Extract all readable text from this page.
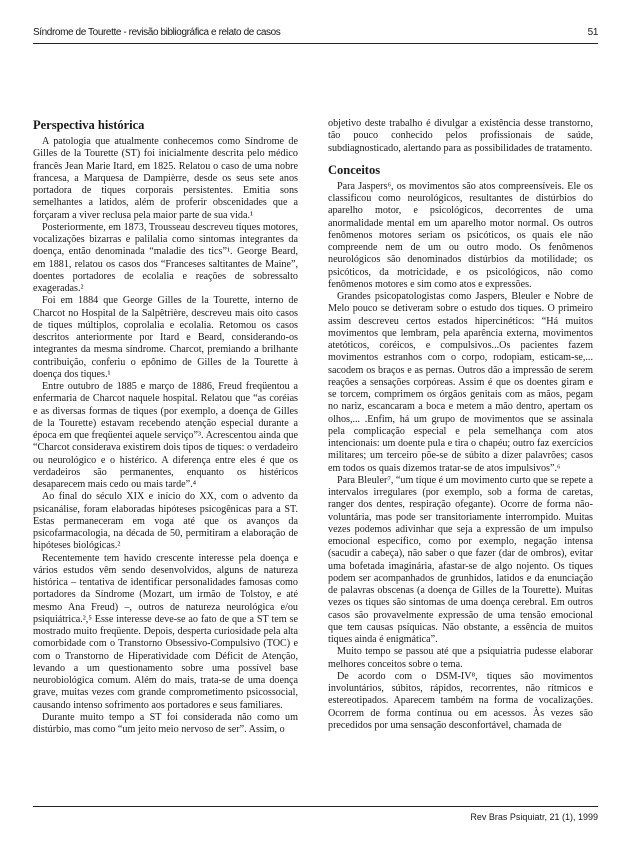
Síndrome de Tourette - revisão bibliográfica e relato de casos	51
Perspectiva histórica

A patologia que atualmente conhecemos como Síndrome de Gilles de la Tourette (ST) foi inicialmente descrita pelo médico francês Jean Marie Itard, em 1825. Relatou o caso de uma nobre francesa, a Marquesa de Dampièrre, desde os seus sete anos portadora de tiques corporais persistentes. Emitia sons semelhantes a latidos, além de proferir obscenidades que a forçaram a viver reclusa pela maior parte de sua vida.¹

Posteriormente, em 1873, Trousseau descreveu tiques motores, vocalizações bizarras e palilalia como sintomas integrantes da doença, então denominada “maladie des tics”¹. George Beard, em 1881, relatou os casos dos “Franceses saltitantes de Maine”, doentes portadores de ecolalia e reações de sobressalto exageradas.²

Foi em 1884 que George Gilles de la Tourette, interno de Charcot no Hospital de la Salpêtrière, descreveu mais oito casos de tiques múltiplos, coprolalia e ecolalia. Retomou os casos descritos anteriormente por Itard e Beard, considerando-os integrantes da mesma síndrome. Charcot, premiando a brilhante contribuição, conferiu o epônimo de Gilles de la Tourette à doença dos tiques.¹

Entre outubro de 1885 e março de 1886, Freud freqüentou a enfermaria de Charcot naquele hospital. Relatou que “as coréias e as diversas formas de tiques (por exemplo, a doença de Gilles de la Tourette) estavam recebendo atenção especial durante a época em que freqüentei aquele serviço”³. Acrescentou ainda que “Charcot considerava existirem dois tipos de tiques: o verdadeiro ou neurológico e o histérico. A diferença entre eles é que os verdadeiros são permanentes, enquanto os histéricos desaparecem mais cedo ou mais tarde”.⁴

Ao final do século XIX e início do XX, com o advento da psicanálise, foram elaboradas hipóteses psicogênicas para a ST. Estas permaneceram em voga até que os avanços da psicofarmacologia, na década de 50, permitiram a elaboração de hipóteses biológicas.²

Recentemente tem havido crescente interesse pela doença e vários estudos vêm sendo desenvolvidos, alguns de natureza histórica – tentativa de identificar personalidades famosas como portadores da Síndrome (Mozart, um irmão de Tolstoy, e até mesmo Ana Freud) –, outros de natureza neurológica e/ou psiquiátrica.²,⁵ Esse interesse deve-se ao fato de que a ST tem se mostrado muito freqüente. Depois, desperta curiosidade pela alta comorbidade com o Transtorno Obsessivo-Compulsivo (TOC) e com o Transtorno de Hiperatividade com Déficit de Atenção, levando a um questionamento sobre uma possível base neurobiológica comum. Além do mais, trata-se de uma doença grave, muitas vezes com grande comprometimento psicossocial, causando intenso sofrimento aos portadores e seus familiares.

Durante muito tempo a ST foi considerada não como um distúrbio, mas como “um jeito meio nervoso de ser”. Assim, o

objetivo deste trabalho é divulgar a existência desse transtorno, tão pouco conhecido pelos profissionais de saúde, subdiagnosticado, alertando para as possibilidades de tratamento.

Conceitos

Para Jaspers⁶, os movimentos são atos compreensíveis. Ele os classificou como neurológicos, resultantes de distúrbios do aparelho motor, e psicológicos, decorrentes de uma anormalidade mental em um aparelho motor normal. Os outros fenômenos motores seriam os psicóticos, os quais ele não compreende nem de um ou outro modo. Os fenômenos neurológicos são denominados distúrbios da motilidade; os psicóticos, da motricidade, e os psicológicos, não como fenômenos motores e sim como atos e expressões.

Grandes psicopatologistas como Jaspers, Bleuler e Nobre de Melo pouco se detiveram sobre o estudo dos tiques. O primeiro assim descreveu certos estados hipercinéticos: “Há muitos movimentos que lembram, pela aparência externa, movimentos atetóticos, coréicos, e compulsivos...Os pacientes fazem movimentos estranhos com o corpo, rodopiam, esticam-se,... sacodem os braços e as pernas. Outros dão a impressão de serem reações a sensações corpóreas. Assim é que os doentes giram e se torcem, comprimem os órgãos genitais com as mãos, pegam no nariz, escancaram a boca e metem a mão dentro, apertam os olhos,... .Enfim, há um grupo de movimentos que se assinala pela complicação especial e pela semelhança com atos intencionais: um doente pula e tira o chapéu; outro faz exercícios militares; um terceiro põe-se de súbito a dizer palavrões; casos em todos os quais dizemos tratar-se de atos impulsivos”.⁶

Para Bleuler⁷, “um tique é um movimento curto que se repete a intervalos irregulares (por exemplo, sob a forma de caretas, ranger dos dentes, respiração ofegante). Ocorre de forma não-voluntária, mas pode ser transitoriamente interrompido. Muitas vezes podemos adivinhar que seja a expressão de um impulso emocional específico, como por exemplo, negação intensa (sacudir a cabeça), não saber o que fazer (dar de ombros), evitar uma bofetada imaginária, afastar-se de algo nojento. Os tiques podem ser acompanhados de grunhidos, latidos e da enunciação de palavras obscenas (a doença de Gilles de la Tourette). Muitas vezes os tiques são sintomas de uma doença cerebral. Em outros casos são provavelmente expressão de uma tensão emocional que tem causas psíquicas. Não obstante, a essência de muitos tiques ainda é enigmática”.

Muito tempo se passou até que a psiquiatria pudesse elaborar melhores conceitos sobre o tema.

De acordo com o DSM-IV⁸, tiques são movimentos involuntários, súbitos, rápidos, recorrentes, não rítmicos e estereotipados. Aparecem também na forma de vocalizações. Ocorrem de forma contínua ou em acessos. Às vezes são precedidos por uma sensação desconfortável, chamada de

Rev Bras Psiquiatr, 21 (1), 1999
